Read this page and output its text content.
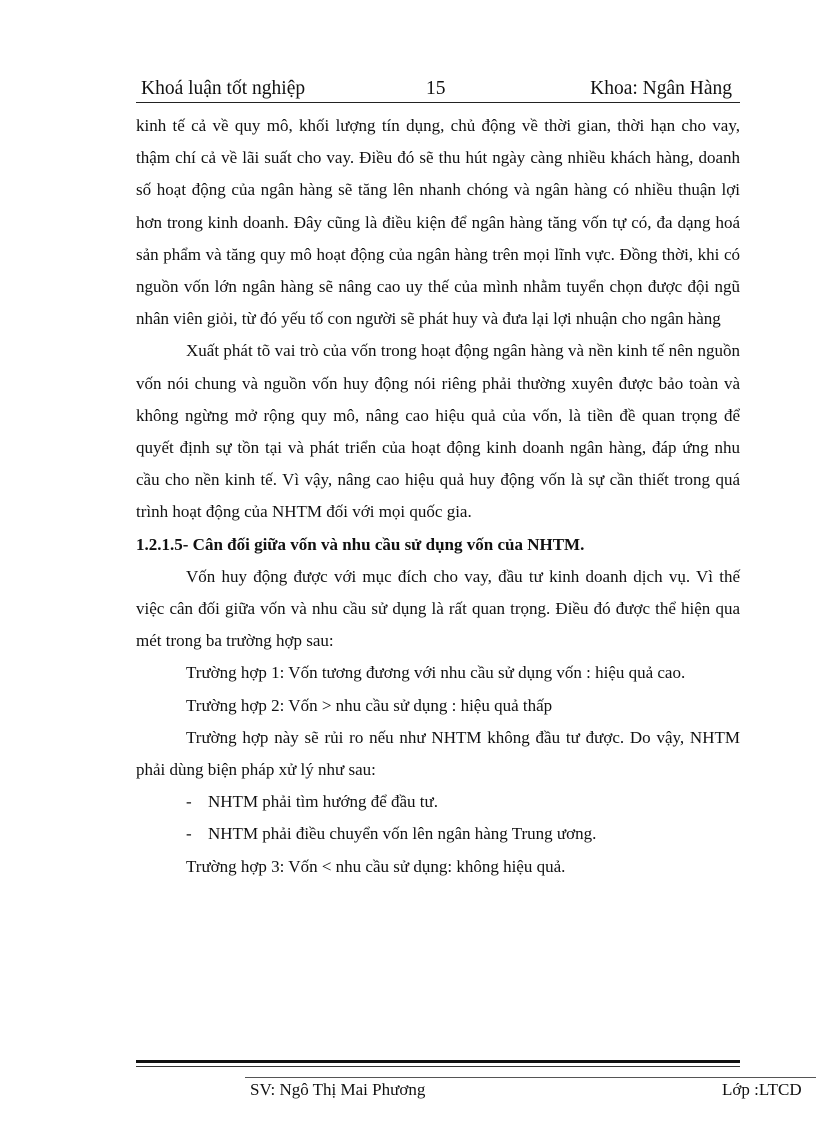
Khoá luận tốt nghiệp	15	Khoa: Ngân Hàng

kinh tế cả về quy mô, khối lượng tín dụng, chủ động về thời gian, thời hạn cho vay, thậm chí cả về lãi suất cho vay. Điều đó sẽ thu hút ngày càng nhiều khách hàng, doanh số hoạt động của ngân hàng sẽ tăng lên nhanh chóng và ngân hàng có nhiều thuận lợi hơn trong kinh doanh. Đây cũng là điều kiện để ngân hàng tăng vốn tự có, đa dạng hoá sản phẩm và tăng quy mô hoạt động của ngân hàng trên mọi lĩnh vực. Đồng thời, khi có nguồn vốn lớn ngân hàng sẽ nâng cao uy thế của mình nhằm tuyển chọn được đội ngũ nhân viên giỏi, từ đó yếu tố con người sẽ phát huy và đưa lại lợi nhuận cho ngân hàng

Xuất phát tõ vai trò của vốn trong hoạt động ngân hàng và nền kinh tế nên nguồn vốn nói chung và nguồn vốn huy động nói riêng phải thường xuyên được bảo toàn và không ngừng mở rộng quy mô, nâng cao hiệu quả của vốn, là tiền đề quan trọng để quyết định sự tồn tại và phát triển của hoạt động kinh doanh ngân hàng, đáp ứng nhu cầu cho nền kinh tế. Vì vậy, nâng cao hiệu quả huy động vốn là sự cần thiết trong quá trình hoạt động của NHTM đối với mọi quốc gia.

1.2.1.5- Cân đối giữa vốn và nhu cầu sử dụng vốn của NHTM.

Vốn huy động được với mục đích cho vay, đầu tư kinh doanh dịch vụ. Vì thế việc cân đối giữa vốn và nhu cầu sử dụng là rất quan trọng. Điều đó được thể hiện qua mét trong ba trường hợp sau:

Trường hợp 1: Vốn tương đương với nhu cầu sử dụng vốn : hiệu quả cao.

Trường hợp 2: Vốn > nhu cầu sử dụng : hiệu quả thấp

Trường hợp này sẽ rủi ro nếu như NHTM không đầu tư được. Do vậy, NHTM phải dùng biện pháp xử lý như sau:

- NHTM phải tìm hướng để đầu tư.

- NHTM phải điều chuyển vốn lên ngân hàng Trung ương.

Trường hợp 3: Vốn < nhu cầu sử dụng: không hiệu quả.

SV: Ngô Thị Mai Phương	Lớp :LTCD
